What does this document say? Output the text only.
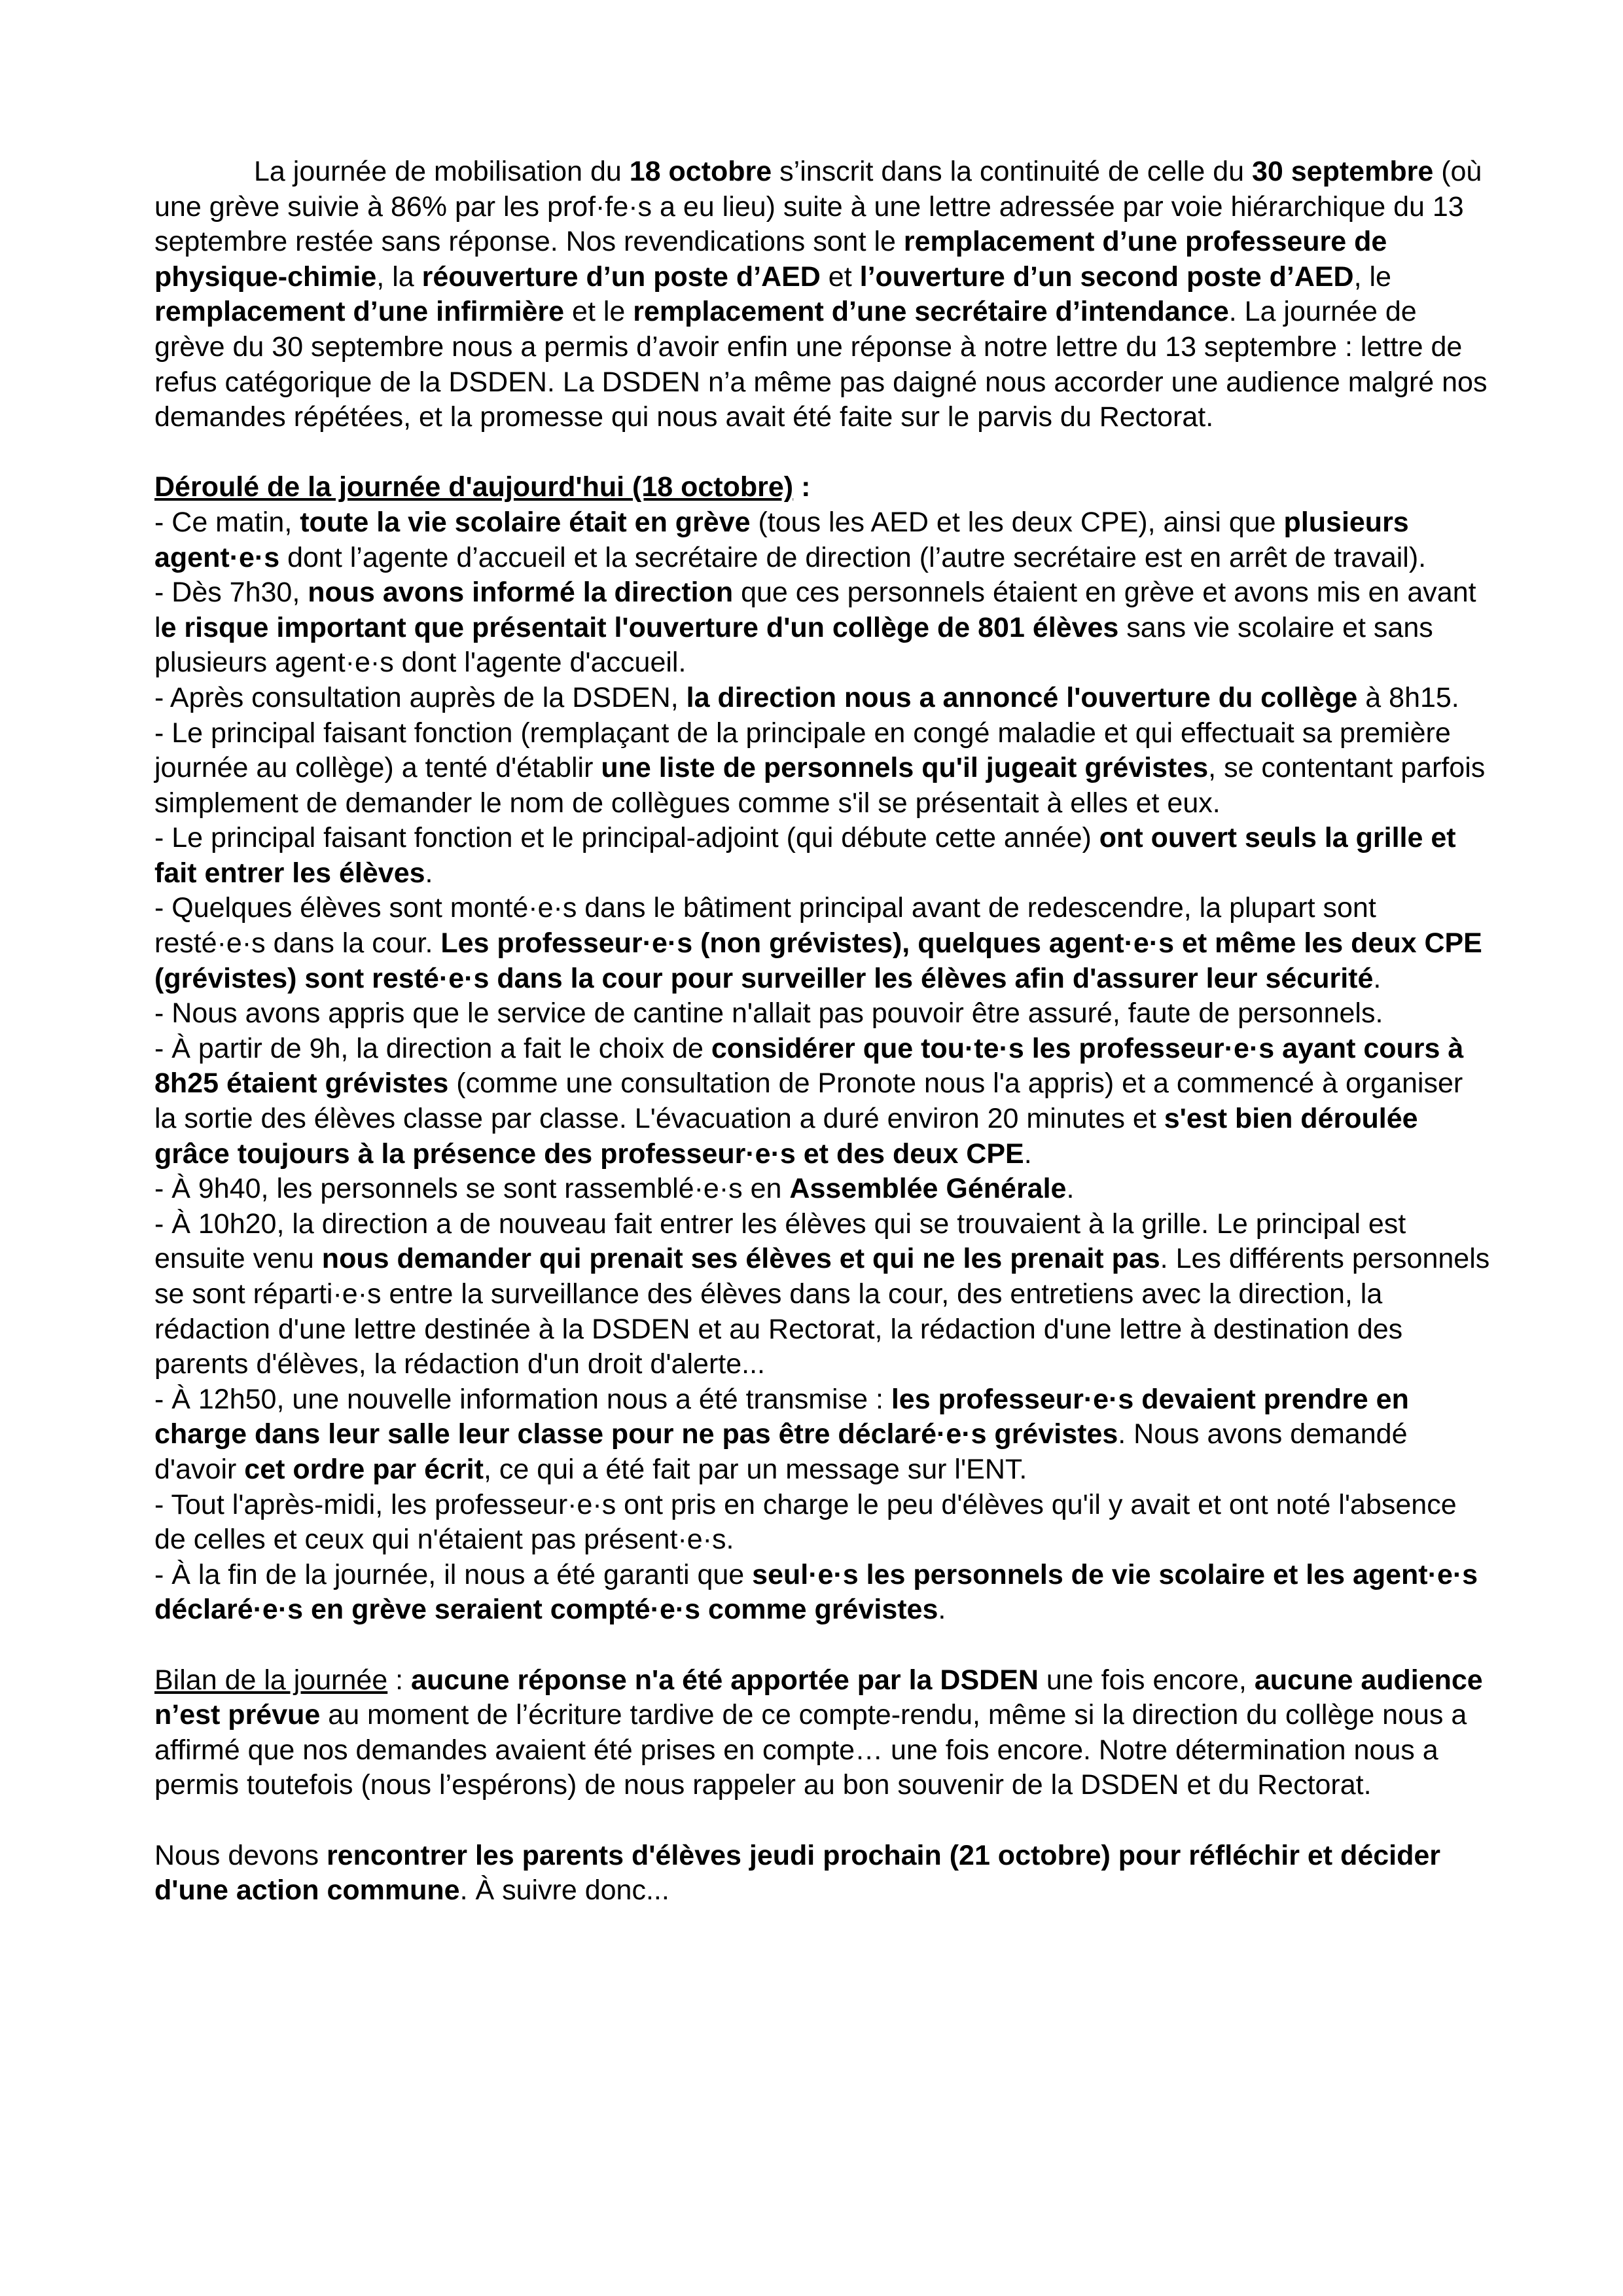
La journée de mobilisation du 18 octobre s’inscrit dans la continuité de celle du 30 septembre (où une grève suivie à 86% par les prof·fe·s a eu lieu) suite à une lettre adressée par voie hiérarchique du 13 septembre restée sans réponse. Nos revendications sont le remplacement d’une professeure de physique-chimie, la réouverture d’un poste d’AED et l’ouverture d’un second poste d’AED, le remplacement d’une infirmière et le remplacement d’une secrétaire d’intendance. La journée de grève du 30 septembre nous a permis d’avoir enfin une réponse à notre lettre du 13 septembre : lettre de refus catégorique de la DSDEN. La DSDEN n’a même pas daigné nous accorder une audience malgré nos demandes répétées, et la promesse qui nous avait été faite sur le parvis du Rectorat.

Déroulé de la journée d'aujourd'hui (18 octobre) :

- Ce matin, toute la vie scolaire était en grève (tous les AED et les deux CPE), ainsi que plusieurs agent·e·s dont l’agente d’accueil et la secrétaire de direction (l’autre secrétaire est en arrêt de travail).

- Dès 7h30, nous avons informé la direction que ces personnels étaient en grève et avons mis en avant le risque important que présentait l'ouverture d'un collège de 801 élèves sans vie scolaire et sans plusieurs agent·e·s dont l'agente d'accueil.

- Après consultation auprès de la DSDEN, la direction nous a annoncé l'ouverture du collège à 8h15.

- Le principal faisant fonction (remplaçant de la principale en congé maladie et qui effectuait sa première journée au collège) a tenté d'établir une liste de personnels qu'il jugeait grévistes, se contentant parfois simplement de demander le nom de collègues comme s'il se présentait à elles et eux.

- Le principal faisant fonction et le principal-adjoint (qui débute cette année) ont ouvert seuls la grille et fait entrer les élèves.

- Quelques élèves sont monté·e·s dans le bâtiment principal avant de redescendre, la plupart sont resté·e·s dans la cour. Les professeur·e·s (non grévistes), quelques agent·e·s et même les deux CPE (grévistes) sont resté·e·s dans la cour pour surveiller les élèves afin d'assurer leur sécurité.

- Nous avons appris que le service de cantine n'allait pas pouvoir être assuré, faute de personnels.

- À partir de 9h, la direction a fait le choix de considérer que tou·te·s les professeur·e·s ayant cours à 8h25 étaient grévistes (comme une consultation de Pronote nous l'a appris) et a commencé à organiser la sortie des élèves classe par classe. L'évacuation a duré environ 20 minutes et s'est bien déroulée grâce toujours à la présence des professeur·e·s et des deux CPE.

- À 9h40, les personnels se sont rassemblé·e·s en Assemblée Générale.

- À 10h20, la direction a de nouveau fait entrer les élèves qui se trouvaient à la grille. Le principal est ensuite venu nous demander qui prenait ses élèves et qui ne les prenait pas. Les différents personnels se sont réparti·e·s entre la surveillance des élèves dans la cour, des entretiens avec la direction, la rédaction d'une lettre destinée à la DSDEN et au Rectorat, la rédaction d'une lettre à destination des parents d'élèves, la rédaction d'un droit d'alerte...

- À 12h50, une nouvelle information nous a été transmise : les professeur·e·s devaient prendre en charge dans leur salle leur classe pour ne pas être déclaré·e·s grévistes. Nous avons demandé d'avoir cet ordre par écrit, ce qui a été fait par un message sur l'ENT.

- Tout l'après-midi, les professeur·e·s ont pris en charge le peu d'élèves qu'il y avait et ont noté l'absence de celles et ceux qui n'étaient pas présent·e·s.

- À la fin de la journée, il nous a été garanti que seul·e·s les personnels de vie scolaire et les agent·e·s déclaré·e·s en grève seraient compté·e·s comme grévistes.

Bilan de la journée : aucune réponse n'a été apportée par la DSDEN une fois encore, aucune audience n’est prévue au moment de l’écriture tardive de ce compte-rendu, même si la direction du collège nous a affirmé que nos demandes avaient été prises en compte… une fois encore. Notre détermination nous a permis toutefois (nous l’espérons) de nous rappeler au bon souvenir de la DSDEN et du Rectorat.

Nous devons rencontrer les parents d'élèves jeudi prochain (21 octobre) pour réfléchir et décider d'une action commune. À suivre donc...
